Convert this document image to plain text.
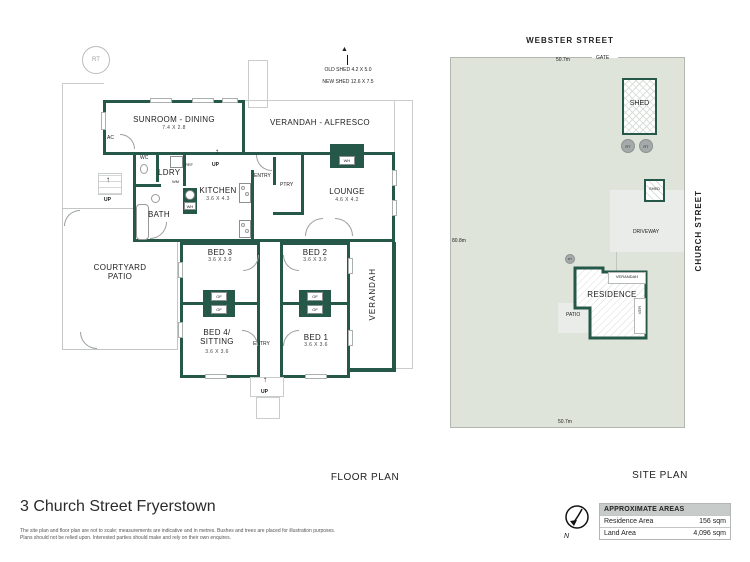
RT
▲
OLD SHED 4.2 X 5.0
NEW SHED 12.6 X 7.5
COURTYARD
PATIO
↑
UP
SUNROOM - DINING
7.4 X 2.8
AC
VERANDAH - ALFRESCO
REF
WM
WH
WC
LDRY
BATH
KITCHEN
3.6 X 4.3
↑
UP
ENTRY
PTRY
LOUNGE
4.6 X 4.2
WH
BED 3
3.6 X 3.0
BED 2
3.6 X 3.0
BED 4/
SITTING
3.6 X 3.6
BED 1
3.6 X 3.6
OF
OF
OF
OF
ENTRY
VERANDAH
↑
UP
WEBSTER STREET
50.7m	GATE
80.8m
50.7m
CHURCH STREET
DRIVEWAY
SHED
RT	RT
SHED
PATIO
RT
VERANDAH
VER
RESIDENCE
FLOOR PLAN	SITE PLAN
3 Church Street Fryerstown
The site plan and floor plan are not to scale; measurements are indicative and in metres. Bushes and trees are placed for illustration purposes.
Plans should not be relied upon. Interested parties should make and rely on their own enquires.	N
APPROXIMATE AREAS
Residence Area	156 sqm
Land Area	4,096 sqm
